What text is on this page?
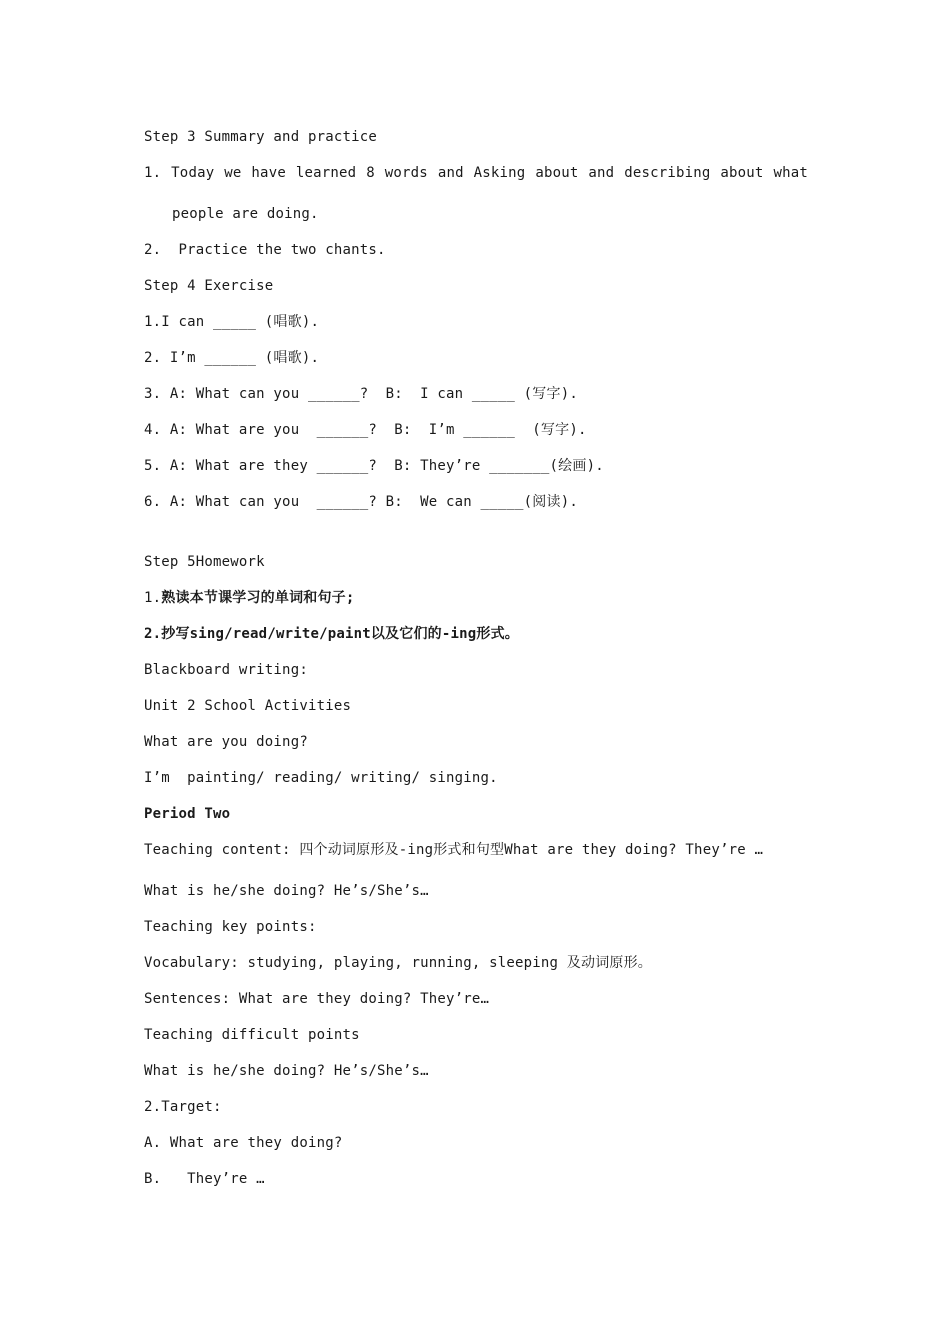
Step 3 Summary and practice
1. Today we have learned 8 words and Asking about and describing about what
people are doing.
2.  Practice the two chants.
Step 4 Exercise
1.I can _____ (唱歌).
2. I’m ______ (唱歌).
3. A: What can you ______?  B:  I can _____ (写字).
4. A: What are you  ______?  B:  I’m ______  (写字).
5. A: What are they ______?  B: They’re _______(绘画).
6. A: What can you  ______? B:  We can _____(阅读).
Step 5Homework
1.熟读本节课学习的单词和句子;
2.抄写sing/read/write/paint以及它们的-ing形式。
Blackboard writing:
Unit 2 School Activities
What are you doing?
I’m  painting/ reading/ writing/ singing.
Period Two
Teaching content: 四个动词原形及-ing形式和句型What are they doing? They’re …
What is he/she doing? He’s/She’s…
Teaching key points:
Vocabulary: studying, playing, running, sleeping 及动词原形。
Sentences: What are they doing? They’re…
Teaching difficult points
What is he/she doing? He’s/She’s…
2.Target:
A. What are they doing?
B.   They’re …
